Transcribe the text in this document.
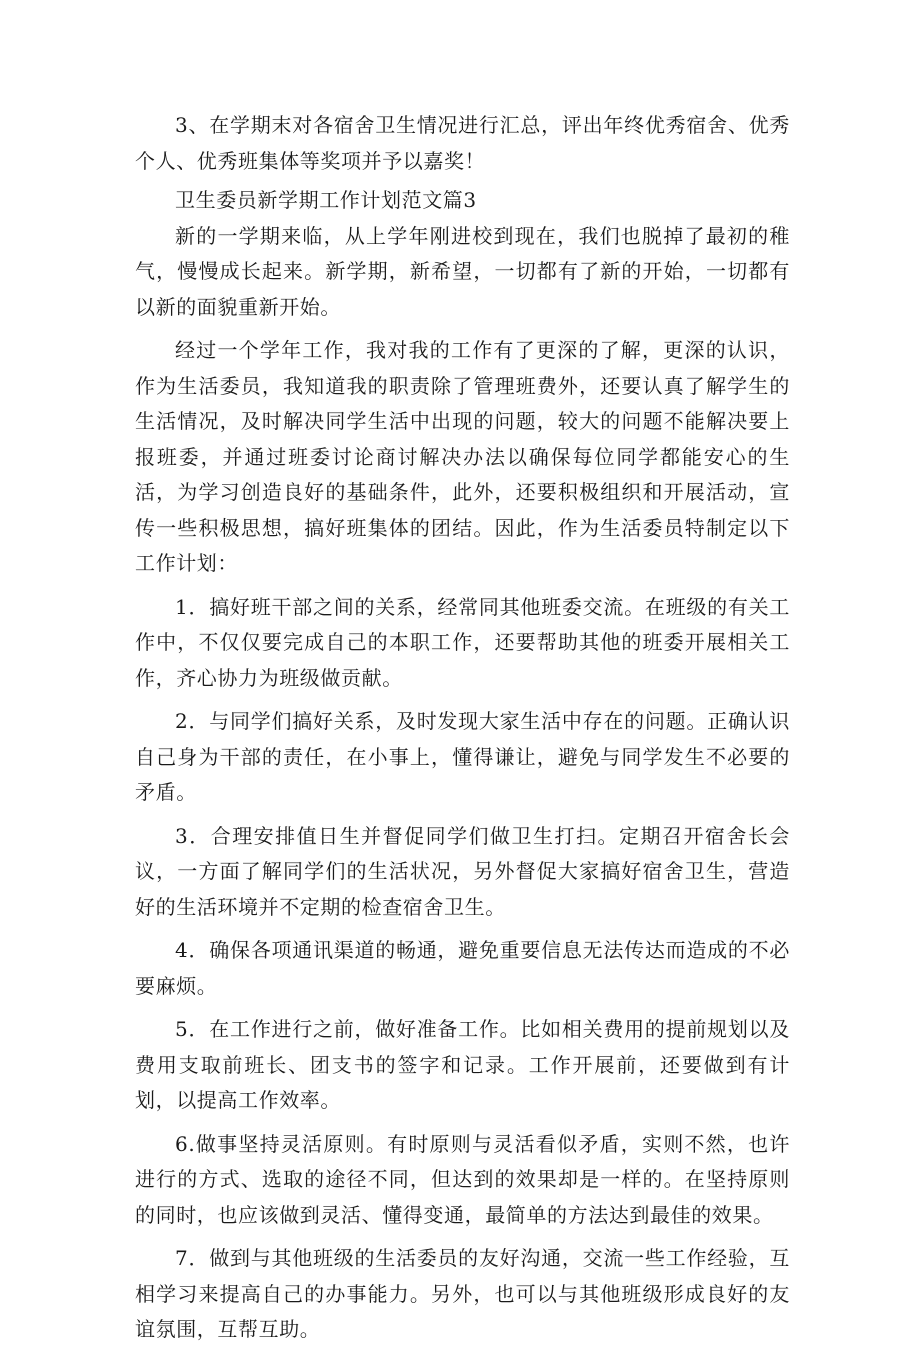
3、在学期末对各宿舍卫生情况进行汇总，评出年终优秀宿舍、优秀个人、优秀班集体等奖项并予以嘉奖！

卫生委员新学期工作计划范文篇3

新的一学期来临，从上学年刚进校到现在，我们也脱掉了最初的稚气，慢慢成长起来。新学期，新希望，一切都有了新的开始，一切都有以新的面貌重新开始。

经过一个学年工作，我对我的工作有了更深的了解，更深的认识，作为生活委员，我知道我的职责除了管理班费外，还要认真了解学生的生活情况，及时解决同学生活中出现的问题，较大的问题不能解决要上报班委，并通过班委讨论商讨解决办法以确保每位同学都能安心的生活，为学习创造良好的基础条件，此外，还要积极组织和开展活动，宣传一些积极思想，搞好班集体的团结。因此，作为生活委员特制定以下工作计划：

1．搞好班干部之间的关系，经常同其他班委交流。在班级的有关工作中，不仅仅要完成自己的本职工作，还要帮助其他的班委开展相关工作，齐心协力为班级做贡献。

2．与同学们搞好关系，及时发现大家生活中存在的问题。正确认识自己身为干部的责任，在小事上，懂得谦让，避免与同学发生不必要的矛盾。

3．合理安排值日生并督促同学们做卫生打扫。定期召开宿舍长会议，一方面了解同学们的生活状况，另外督促大家搞好宿舍卫生，营造好的生活环境并不定期的检查宿舍卫生。

4．确保各项通讯渠道的畅通，避免重要信息无法传达而造成的不必要麻烦。

5．在工作进行之前，做好准备工作。比如相关费用的提前规划以及费用支取前班长、团支书的签字和记录。工作开展前，还要做到有计划，以提高工作效率。

6.做事坚持灵活原则。有时原则与灵活看似矛盾，实则不然，也许进行的方式、选取的途径不同，但达到的效果却是一样的。在坚持原则的同时，也应该做到灵活、懂得变通，最简单的方法达到最佳的效果。

7．做到与其他班级的生活委员的友好沟通，交流一些工作经验，互相学习来提高自己的办事能力。另外，也可以与其他班级形成良好的友谊氛围，互帮互助。
